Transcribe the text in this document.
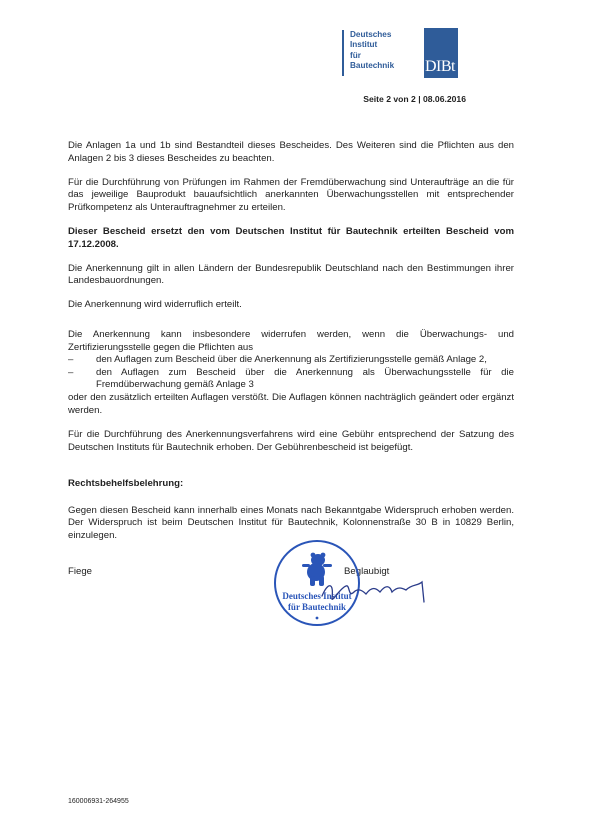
Deutsches
Institut
für
Bautechnik	DIBt
Seite 2 von 2 | 08.06.2016

Die Anlagen 1a und 1b sind Bestandteil dieses Bescheides. Des Weiteren sind die Pflichten aus den Anlagen 2 bis 3 dieses Bescheides zu beachten.

Für die Durchführung von Prüfungen im Rahmen der Fremdüberwachung sind Unteraufträge an die für das jeweilige Bauprodukt bauaufsichtlich anerkannten Überwachungsstellen mit entsprechender Prüfkompetenz als Unterauftragnehmer zu erteilen.

Dieser Bescheid ersetzt den vom Deutschen Institut für Bautechnik erteilten Bescheid vom 17.12.2008.

Die Anerkennung gilt in allen Ländern der Bundesrepublik Deutschland nach den Bestimmungen ihrer Landesbauordnungen.

Die Anerkennung wird widerruflich erteilt.

Die Anerkennung kann insbesondere widerrufen werden, wenn die Überwachungs- und Zertifizierungsstelle gegen die Pflichten aus

– den Auflagen zum Bescheid über die Anerkennung als Zertifizierungsstelle gemäß Anlage 2,
– den Auflagen zum Bescheid über die Anerkennung als Überwachungsstelle für die
Fremdüberwachung gemäß Anlage 3

oder den zusätzlich erteilten Auflagen verstößt. Die Auflagen können nachträglich geändert oder ergänzt werden.

Für die Durchführung des Anerkennungsverfahrens wird eine Gebühr entsprechend der Satzung des Deutschen Instituts für Bautechnik erhoben. Der Gebührenbescheid ist beigefügt.

Rechtsbehelfsbelehrung:

Gegen diesen Bescheid kann innerhalb eines Monats nach Bekanntgabe Widerspruch erhoben werden. Der Widerspruch ist beim Deutschen Institut für Bautechnik, Kolonnenstraße 30 B in 10829 Berlin, einzulegen.

Fiege	Beglaubigt
Deutsches Institut
für Bautechnik
160006931-264955
